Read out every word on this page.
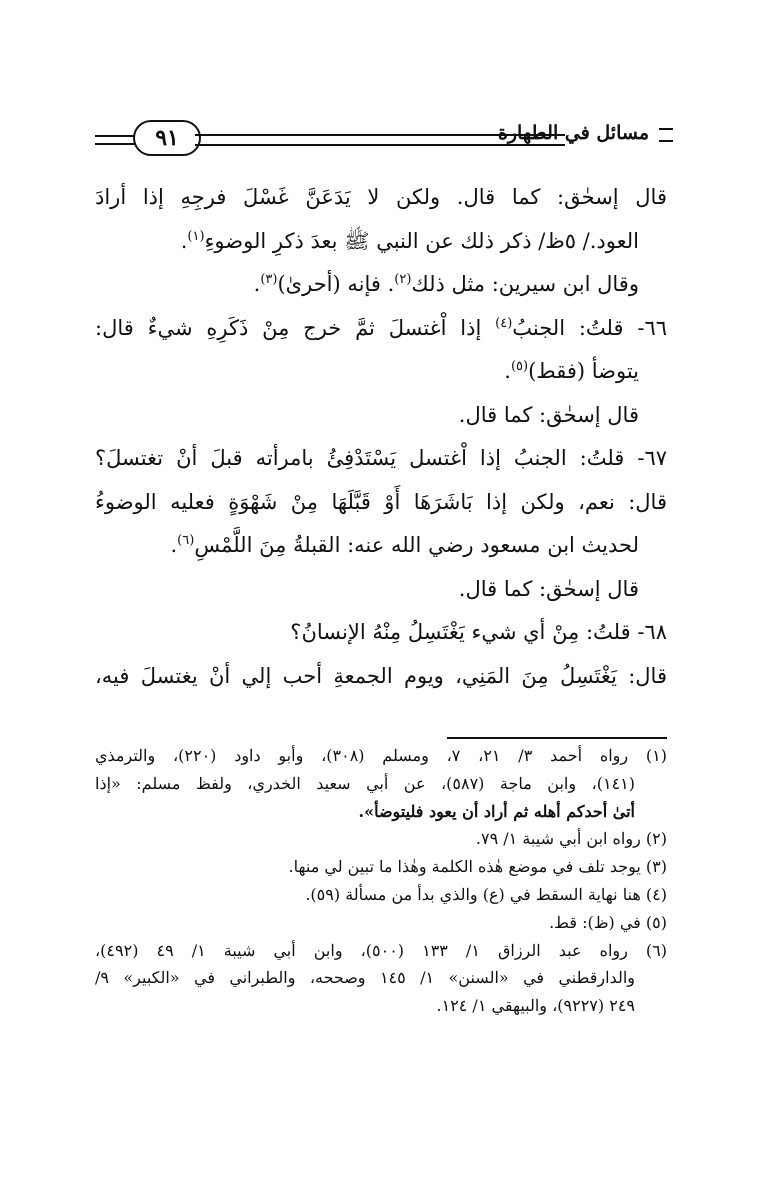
٩١	مسائل في الطهارة
قال إسحٰق: كما قال. ولكن لا يَدَعَنَّ غَسْلَ فرجِهِ إذا أرادَ
العود./ ٥ظ/ ذكر ذلك عن النبي ﷺ بعدَ ذكرِ الوضوءِ$^{(١)}$.
وقال ابن سيرين: مثل ذلك$^{(٢)}$. فإنه (أحرىٰ)$^{(٣)}$.
٦٦- قلتُ: الجنبُ$^{(٤)}$ إذا اْغتسلَ ثمَّ خرج مِنْ ذَكَرِهِ شيءٌ قال:
يتوضأ (فقط)$^{(٥)}$.
قال إسحٰق: كما قال.
٦٧- قلتُ: الجنبُ إذا اْغتسل يَسْتَدْفِئُ بامرأته قبلَ أنْ تغتسلَ؟
قال: نعم، ولكن إذا بَاشَرَهَا أَوْ قَبَّلَهَا مِنْ شَهْوَةٍ فعليه الوضوءُ
لحديث ابن مسعود رضي الله عنه: القبلةُ مِنَ اللَّمْسِ$^{(٦)}$.
قال إسحٰق: كما قال.
٦٨- قلتُ: مِنْ أي شيء يَغْتَسِلُ مِنْهُ الإنسانُ؟
قال: يَغْتَسِلُ مِنَ المَنِي، ويوم الجمعةِ أحب إلي أنْ يغتسلَ فيه،
(١) رواه أحمد ٣/ ٢١، ٧، ومسلم (٣٠٨)، وأبو داود (٢٢٠)، والترمذي
(١٤١)، وابن ماجة (٥٨٧)، عن أبي سعيد الخدري، ولفظ مسلم: «إذا
أتىٰ أحدكم أهله ثم أراد أن يعود فليتوضأ».
(٢) رواه ابن أبي شيبة ١/ ٧٩.
(٣) يوجد تلف في موضع هٰذه الكلمة وهٰذا ما تبين لي منها.
(٤) هنا نهاية السقط في (ع) والذي بدأ من مسألة (٥٩).
(٥) في (ظ): قط.
(٦) رواه عبد الرزاق ١/ ١٣٣ (٥٠٠)، وابن أبي شيبة ١/ ٤٩ (٤٩٢)،
والدارقطني في «السنن» ١/ ١٤٥ وصححه، والطبراني في «الكبير» ٩/
٢٤٩ (٩٢٢٧)، والبيهقي ١/ ١٢٤.
